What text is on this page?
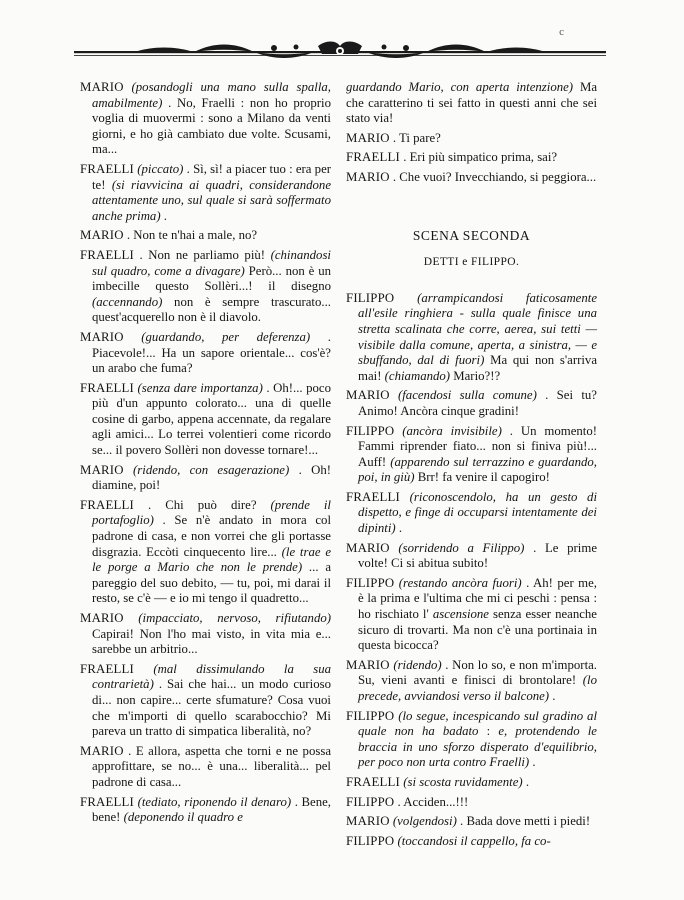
c

MARIO (posandogli una mano sulla spalla, amabilmente) . No, Fraelli : non ho proprio voglia di muovermi : sono a Milano da venti giorni, e ho già cambiato due volte. Scusami, ma...

FRAELLI (piccato) . Sì, sì! a piacer tuo : era per te! (si riavvicina ai quadri, considerandone attentamente uno, sul quale si sarà soffermato anche prima) .

MARIO . Non te n'hai a male, no?

FRAELLI . Non ne parliamo più! (chinandosi sul quadro, come a divagare) Però... non è un imbecille questo Sollèri...! il disegno (accennando) non è sempre trascurato... quest'acquerello non è il diavolo.

MARIO (guardando, per deferenza) . Piacevole!... Ha un sapore orientale... cos'è? un arabo che fuma?

FRAELLI (senza dare importanza) . Oh!... poco più d'un appunto colorato... una di quelle cosine di garbo, appena accennate, da regalare agli amici... Lo terrei volentieri come ricordo se... il povero Sollèri non dovesse tornare!...

MARIO (ridendo, con esagerazione) . Oh! diamine, poi!

FRAELLI . Chi può dire? (prende il portafoglio) . Se n'è andato in mora col padrone di casa, e non vorrei che gli portasse disgrazia. Eccòti cinquecento lire... (le trae e le porge a Mario che non le prende) ... a pareggio del suo debito, — tu, poi, mi darai il resto, se c'è — e io mi tengo il quadretto...

MARIO (impacciato, nervoso, rifiutando) Capirai! Non l'ho mai visto, in vita mia e... sarebbe un arbitrio...

FRAELLI (mal dissimulando la sua contrarietà) . Sai che hai... un modo curioso di... non capire... certe sfumature? Cosa vuoi che m'importi di quello scarabocchio? Mi pareva un tratto di simpatica liberalità, no?

MARIO . E allora, aspetta che torni e ne possa approfittare, se no... è una... liberalità... pel padrone di casa...

FRAELLI (tediato, riponendo il denaro) . Bene, bene! (deponendo il quadro e

guardando Mario, con aperta intenzione) Ma che caratterino ti sei fatto in questi anni che sei stato via!

MARIO . Ti pare?

FRAELLI . Eri più simpatico prima, sai?

MARIO . Che vuoi? Invecchiando, si peggiora...

SCENA SECONDA
DETTI e FILIPPO.

FILIPPO (arrampicandosi faticosamente all'esile ringhiera - sulla quale finisce una stretta scalinata che corre, aerea, sui tetti — visibile dalla comune, aperta, a sinistra, — e sbuffando, dal di fuori) Ma qui non s'arriva mai! (chiamando) Mario?!?

MARIO (facendosi sulla comune) . Sei tu? Animo! Ancòra cinque gradini!

FILIPPO (ancòra invisibile) . Un momento! Fammi riprender fiato... non si finiva più!... Auff! (apparendo sul terrazzino e guardando, poi, in giù) Brr! fa venire il capogiro!

FRAELLI (riconoscendolo, ha un gesto di dispetto, e finge di occuparsi intentamente dei dipinti) .

MARIO (sorridendo a Filippo) . Le prime volte! Ci si abitua subito!

FILIPPO (restando ancòra fuori) . Ah! per me, è la prima e l'ultima che mi ci peschi : pensa : ho rischiato l' ascensione senza esser neanche sicuro di trovarti. Ma non c'è una portinaia in questa bicocca?

MARIO (ridendo) . Non lo so, e non m'importa. Su, vieni avanti e finisci di brontolare! (lo precede, avviandosi verso il balcone) .

FILIPPO (lo segue, incespicando sul gradino al quale non ha badato : e, protendendo le braccia in uno sforzo disperato d'equilibrio, per poco non urta contro Fraelli) .

FRAELLI (si scosta ruvidamente) .

FILIPPO . Acciden...!!!

MARIO (volgendosi) . Bada dove metti i piedi!

FILIPPO (toccandosi il cappello, fa co-
